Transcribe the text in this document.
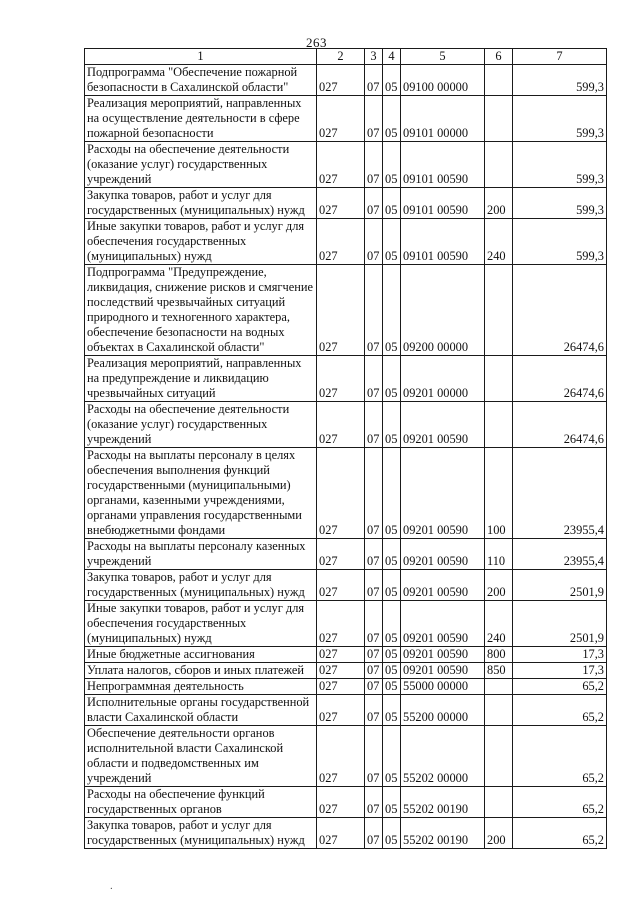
263
1	2	3	4	5	6	7
Подпрограмма "Обеспечение пожарной безопасности в Сахалинской области"	027	07	05	09100 00000		599,3
Реализация мероприятий, направленных на осуществление деятельности в сфере пожарной безопасности	027	07	05	09101 00000		599,3
Расходы на обеспечение деятельности (оказание услуг) государственных учреждений	027	07	05	09101 00590		599,3
Закупка товаров, работ и услуг для государственных (муниципальных) нужд	027	07	05	09101 00590	200	599,3
Иные закупки товаров, работ и услуг для обеспечения государственных (муниципальных) нужд	027	07	05	09101 00590	240	599,3
Подпрограмма "Предупреждение, ликвидация, снижение рисков и смягчение последствий чрезвычайных ситуаций природного и техногенного характера, обеспечение безопасности на водных объектах в Сахалинской области"	027	07	05	09200 00000		26474,6
Реализация мероприятий, направленных на предупреждение и ликвидацию чрезвычайных ситуаций	027	07	05	09201 00000		26474,6
Расходы на обеспечение деятельности (оказание услуг) государственных учреждений	027	07	05	09201 00590		26474,6
Расходы на выплаты персоналу в целях обеспечения выполнения функций государственными (муниципальными) органами, казенными учреждениями, органами управления государственными внебюджетными фондами	027	07	05	09201 00590	100	23955,4
Расходы на выплаты персоналу казенных учреждений	027	07	05	09201 00590	110	23955,4
Закупка товаров, работ и услуг для государственных (муниципальных) нужд	027	07	05	09201 00590	200	2501,9
Иные закупки товаров, работ и услуг для обеспечения государственных (муниципальных) нужд	027	07	05	09201 00590	240	2501,9
Иные бюджетные ассигнования	027	07	05	09201 00590	800	17,3
Уплата налогов, сборов и иных платежей	027	07	05	09201 00590	850	17,3
Непрограммная деятельность	027	07	05	55000 00000		65,2
Исполнительные органы государственной власти Сахалинской области	027	07	05	55200 00000		65,2
Обеспечение деятельности органов исполнительной власти Сахалинской области и подведомственных им учреждений	027	07	05	55202 00000		65,2
Расходы на обеспечение функций государственных органов	027	07	05	55202 00190		65,2
Закупка товаров, работ и услуг для государственных (муниципальных) нужд	027	07	05	55202 00190	200	65,2
.
